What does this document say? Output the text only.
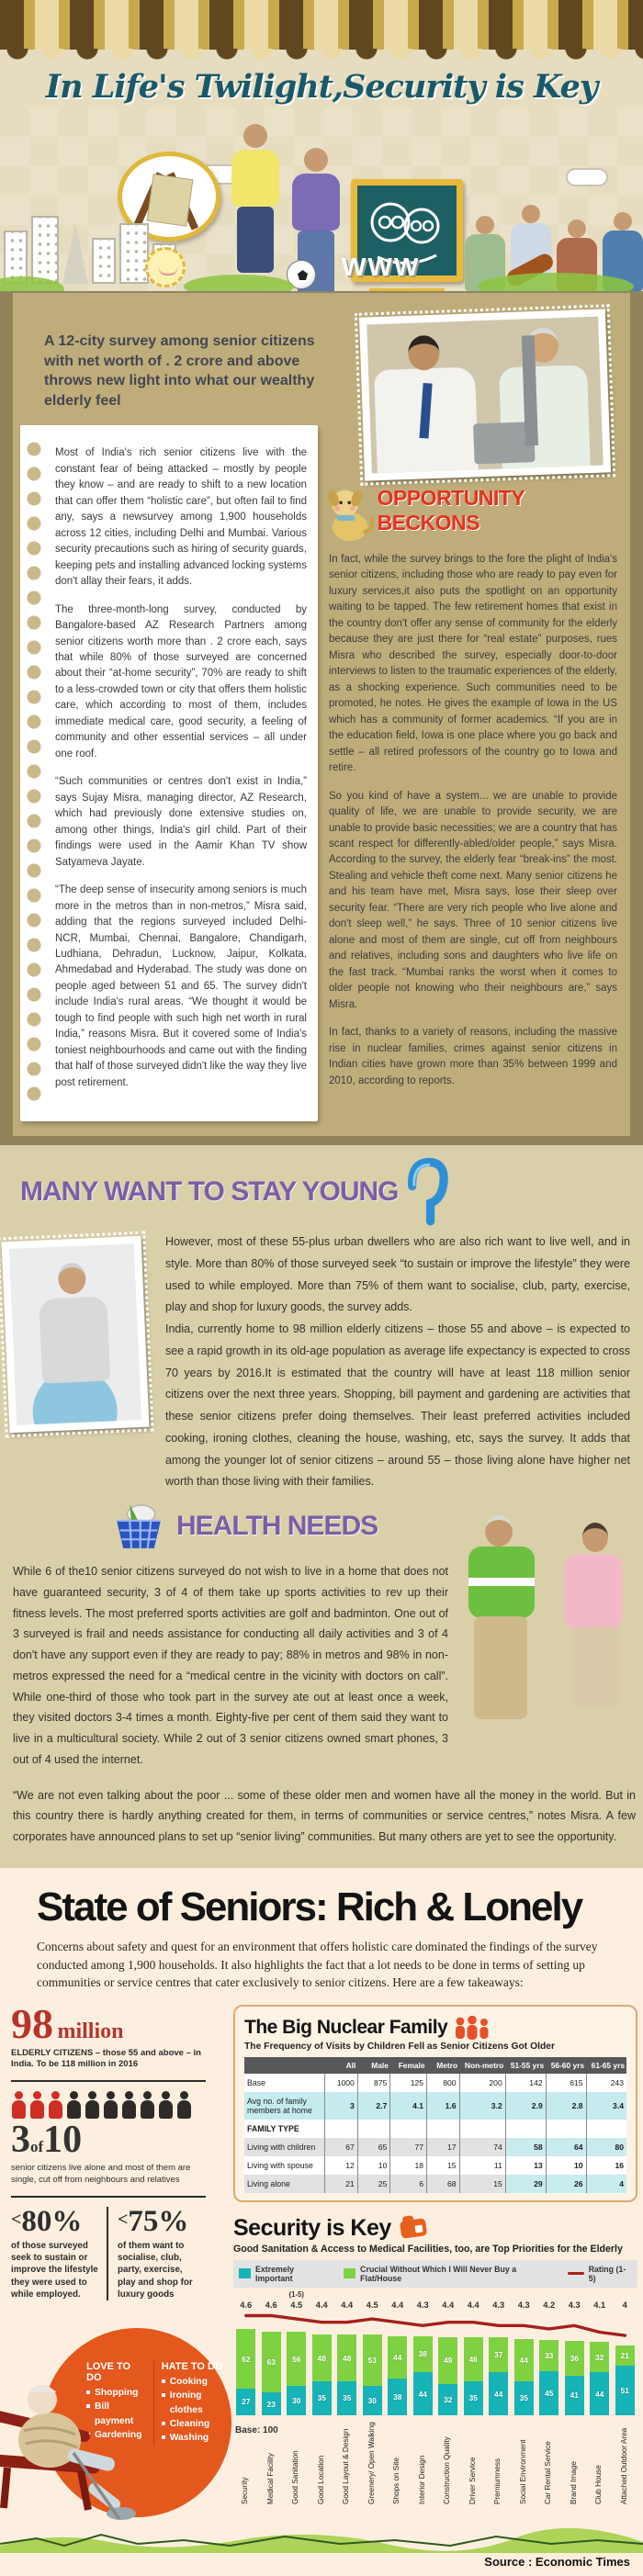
In Life's Twilight,Security is Key
WWW

A 12-city survey among senior citizens with net worth of . 2 crore and above throws new light into what our wealthy elderly feel

Most of India's rich senior citizens live with the constant fear of being attacked – mostly by people they know – and are ready to shift to a new location that can offer them “holistic care”, but often fail to find any, says a newsurvey among 1,900 households across 12 cities, including Delhi and Mumbai. Various security precautions such as hiring of security guards, keeping pets and installing advanced locking systems don't allay their fears, it adds.

The three-month-long survey, conducted by Bangalore-based AZ Research Partners among senior citizens worth more than . 2 crore each, says that while 80% of those surveyed are concerned about their “at-home security”, 70% are ready to shift to a less-crowded town or city that offers them holistic care, which according to most of them, includes immediate medical care, good security, a feeling of community and other essential services – all under one roof.

“Such communities or centres don't exist in India,” says Sujay Misra, managing director, AZ Research, which had previously done extensive studies on, among other things, India's girl child. Part of their findings were used in the Aamir Khan TV show Satyameva Jayate.

“The deep sense of insecurity among seniors is much more in the metros than in non-metros,” Misra said, adding that the regions surveyed included Delhi-NCR, Mumbai, Chennai, Bangalore, Chandigarh, Ludhiana, Dehradun, Lucknow, Jaipur, Kolkata, Ahmedabad and Hyderabad. The study was done on people aged between 51 and 65. The survey didn't include India's rural areas. “We thought it would be tough to find people with such high net worth in rural India,” reasons Misra. But it covered some of India's toniest neighbourhoods and came out with the finding that half of those surveyed didn't like the way they live post retirement.

OPPORTUNITY BECKONS

In fact, while the survey brings to the fore the plight of India's senior citizens, including those who are ready to pay even for luxury services,it also puts the spotlight on an opportunity waiting to be tapped. The few retirement homes that exist in the country don't offer any sense of community for the elderly because they are just there for “real estate” purposes, rues Misra who described the survey, especially door-to-door interviews to listen to the traumatic experiences of the elderly, as a shocking experience. Such communities need to be promoted, he notes. He gives the example of Iowa in the US which has a community of former academics. “If you are in the education field, Iowa is one place where you go back and settle – all retired professors of the country go to Iowa and retire.

So you kind of have a system... we are unable to provide quality of life, we are unable to provide security, we are unable to provide basic necessities; we are a country that has scant respect for differently-abled/older people,” says Misra. According to the survey, the elderly fear “break-ins” the most. Stealing and vehicle theft come next. Many senior citizens he and his team have met, Misra says, lose their sleep over security fear. “There are very rich people who live alone and don't sleep well,” he says. Three of 10 senior citizens live alone and most of them are single, cut off from neighbours and relatives, including sons and daughters who live life on the fast track. “Mumbai ranks the worst when it comes to older people not knowing who their neighbours are,” says Misra.

In fact, thanks to a variety of reasons, including the massive rise in nuclear families, crimes against senior citizens in Indian cities have grown more than 35% between 1999 and 2010, according to reports.

MANY WANT TO STAY YOUNG

However, most of these 55-plus urban dwellers who are also rich want to live well, and in style. More than 80% of those surveyed seek “to sustain or improve the lifestyle” they were used to while employed. More than 75% of them want to socialise, club, party, exercise, play and shop for luxury goods, the survey adds.

India, currently home to 98 million elderly citizens – those 55 and above – is expected to see a rapid growth in its old-age population as average life expectancy is expected to cross 70 years by 2016.It is estimated that the country will have at least 118 million senior citizens over the next three years. Shopping, bill payment and gardening are activities that these senior citizens prefer doing themselves. Their least preferred activities included cooking, ironing clothes, cleaning the house, washing, etc, says the survey. It adds that among the younger lot of senior citizens – around 55 – those living alone have higher net worth than those living with their families.

HEALTH NEEDS

While 6 of the10 senior citizens surveyed do not wish to live in a home that does not have guaranteed security, 3 of 4 of them take up sports activities to rev up their fitness levels. The most preferred sports activities are golf and badminton. One out of 3 surveyed is frail and needs assistance for conducting all daily activities and 3 of 4 don't have any support even if they are ready to pay; 88% in metros and 98% in non-metros expressed the need for a “medical centre in the vicinity with doctors on call”. While one-third of those who took part in the survey ate out at least once a week, they visited doctors 3-4 times a month. Eighty-five per cent of them said they want to live in a multicultural society. While 2 out of 3 senior citizens owned smart phones, 3 out of 4 used the internet.

“We are not even talking about the poor ... some of these older men and women have all the money in the world. But in this country there is hardly anything created for them, in terms of communities or service centres,” notes Misra. A few corporates have announced plans to set up “senior living” communities. But many others are yet to see the opportunity.

State of Seniors: Rich & Lonely

Concerns about safety and quest for an environment that offers holistic care dominated the findings of the survey conducted among 1,900 households. It also highlights the fact that a lot needs to be done in terms of setting up communities or service centres that cater exclusively to senior citizens. Here are a few takeaways:

98 million

ELDERLY CITIZENS – those 55 and above – in India. To be 118 million in 2016

3of10

senior citizens live alone and most of them are single, cut off from neighbours and relatives

<80%

of those surveyed seek to sustain or improve the lifestyle they were used to while employed.

<75%

of them want to socialise, club, party, exercise, play and shop for luxury goods

LOVE TO DO
Shopping
Bill payment
Gardening
HATE TO DO
Cooking
Ironing clothes
Cleaning
Washing
The Big Nuclear Family

The Frequency of Visits by Children Fell as Senior Citizens Got Older

	All	Male	Female	Metro	Non-metro	51-55 yrs	56-60 yrs	61-65 yrs
Base	1000	875	125	800	200	142	615	243
Avg no. of family members at home	3	2.7	4.1	1.6	3.2	2.9	2.8	3.4
FAMILY TYPE								
Living with children	67	65	77	17	74	58	64	80
Living with spouse	12	10	18	15	11	13	10	16
Living alone	21	25	6	68	15	29	26	4
Security is Key

Good Sanitation & Access to Medical Facilities, too, are Top Priorities for the Elderly

Extremely Important
Crucial Without Which I Will Never Buy a Flat/House
Rating (1-5)
4.6	4.6
(1-5)
4.5	4.4	4.4	4.5	4.4	4.3	4.4	4.4	4.3	4.3	4.2	4.3	4.1	4
62
27
Security
63
23
Medical Facility
56
30
Good Sanitation
48
35
Good Location
48
35
Good Layout & Design
53
30
Greenery/ Open Walking
44
38
Shops on Site
38
44
Interior Design
49
32
Construction Quality
46
35
Driver Service
37
44
Premiumness
44
35
Social Environment
33
45
Car Rental Service
36
41
Brand Image
32
44
Club House
21
51
Attached Outdoor Area
Base: 100
Source : Economic Times
